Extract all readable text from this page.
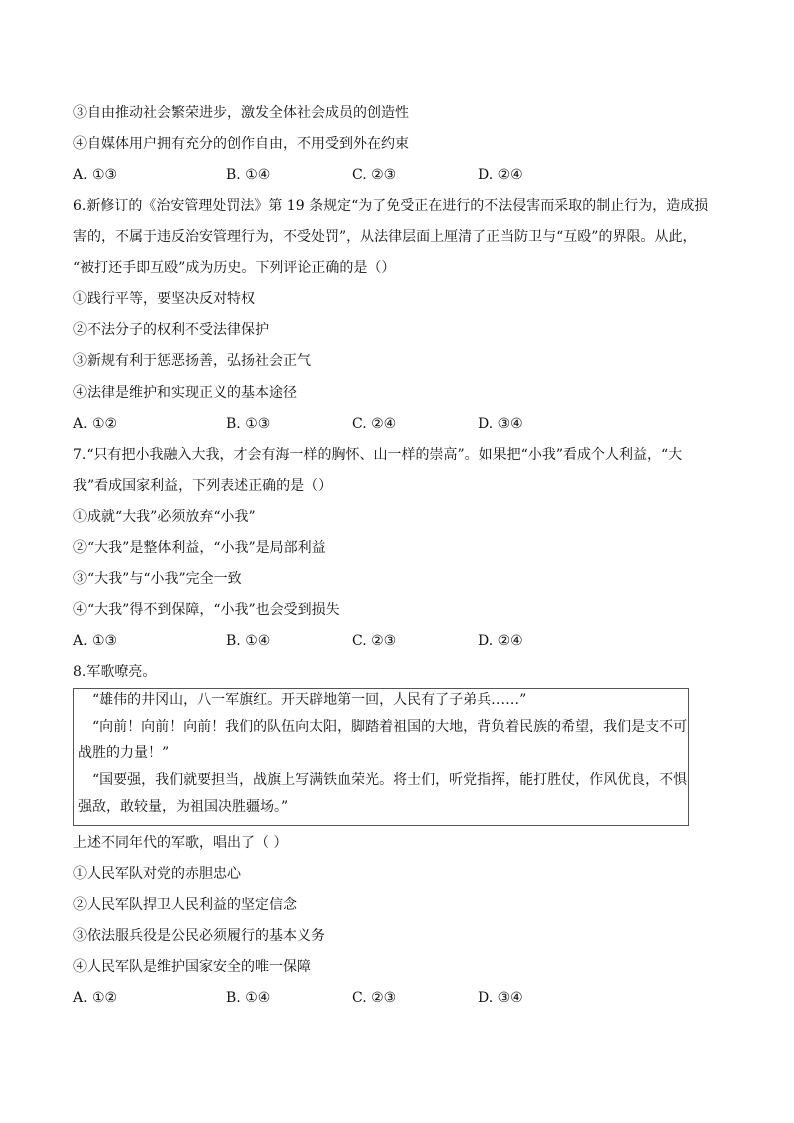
③自由推动社会繁荣进步，激发全体社会成员的创造性
④自媒体用户拥有充分的创作自由，不用受到外在约束
A. ①③	B. ①④	C. ②③	D. ②④
6.新修订的《治安管理处罚法》第 19 条规定“为了免受正在进行的不法侵害而采取的制止行为，造成损
害的，不属于违反治安管理行为，不受处罚”，从法律层面上厘清了正当防卫与“互殴”的界限。从此，
“被打还手即互殴”成为历史。下列评论正确的是（）
①践行平等，要坚决反对特权
②不法分子的权利不受法律保护
③新规有利于惩恶扬善，弘扬社会正气
④法律是维护和实现正义的基本途径
A. ①②	B. ①③	C. ②④	D. ③④
7.“只有把小我融入大我，才会有海一样的胸怀、山一样的崇高”。如果把“小我”看成个人利益，“大
我”看成国家利益，下列表述正确的是（）
①成就“大我”必须放弃“小我”
②“大我”是整体利益，“小我”是局部利益
③“大我”与“小我”完全一致
④“大我”得不到保障，“小我”也会受到损失
A. ①③	B. ①④	C. ②③	D. ②④
8.军歌嘹亮。
“雄伟的井冈山，八一军旗红。开天辟地第一回，人民有了子弟兵……”
“向前！向前！向前！我们的队伍向太阳，脚踏着祖国的大地，背负着民族的希望，我们是支不可
战胜的力量！”
“国要强，我们就要担当，战旗上写满铁血荣光。将士们，听党指挥，能打胜仗，作风优良，不惧
强敌，敢较量，为祖国决胜疆场。”
上述不同年代的军歌，唱出了（ ）
①人民军队对党的赤胆忠心
②人民军队捍卫人民利益的坚定信念
③依法服兵役是公民必须履行的基本义务
④人民军队是维护国家安全的唯一保障
A. ①②	B. ①④	C. ②③	D. ③④
